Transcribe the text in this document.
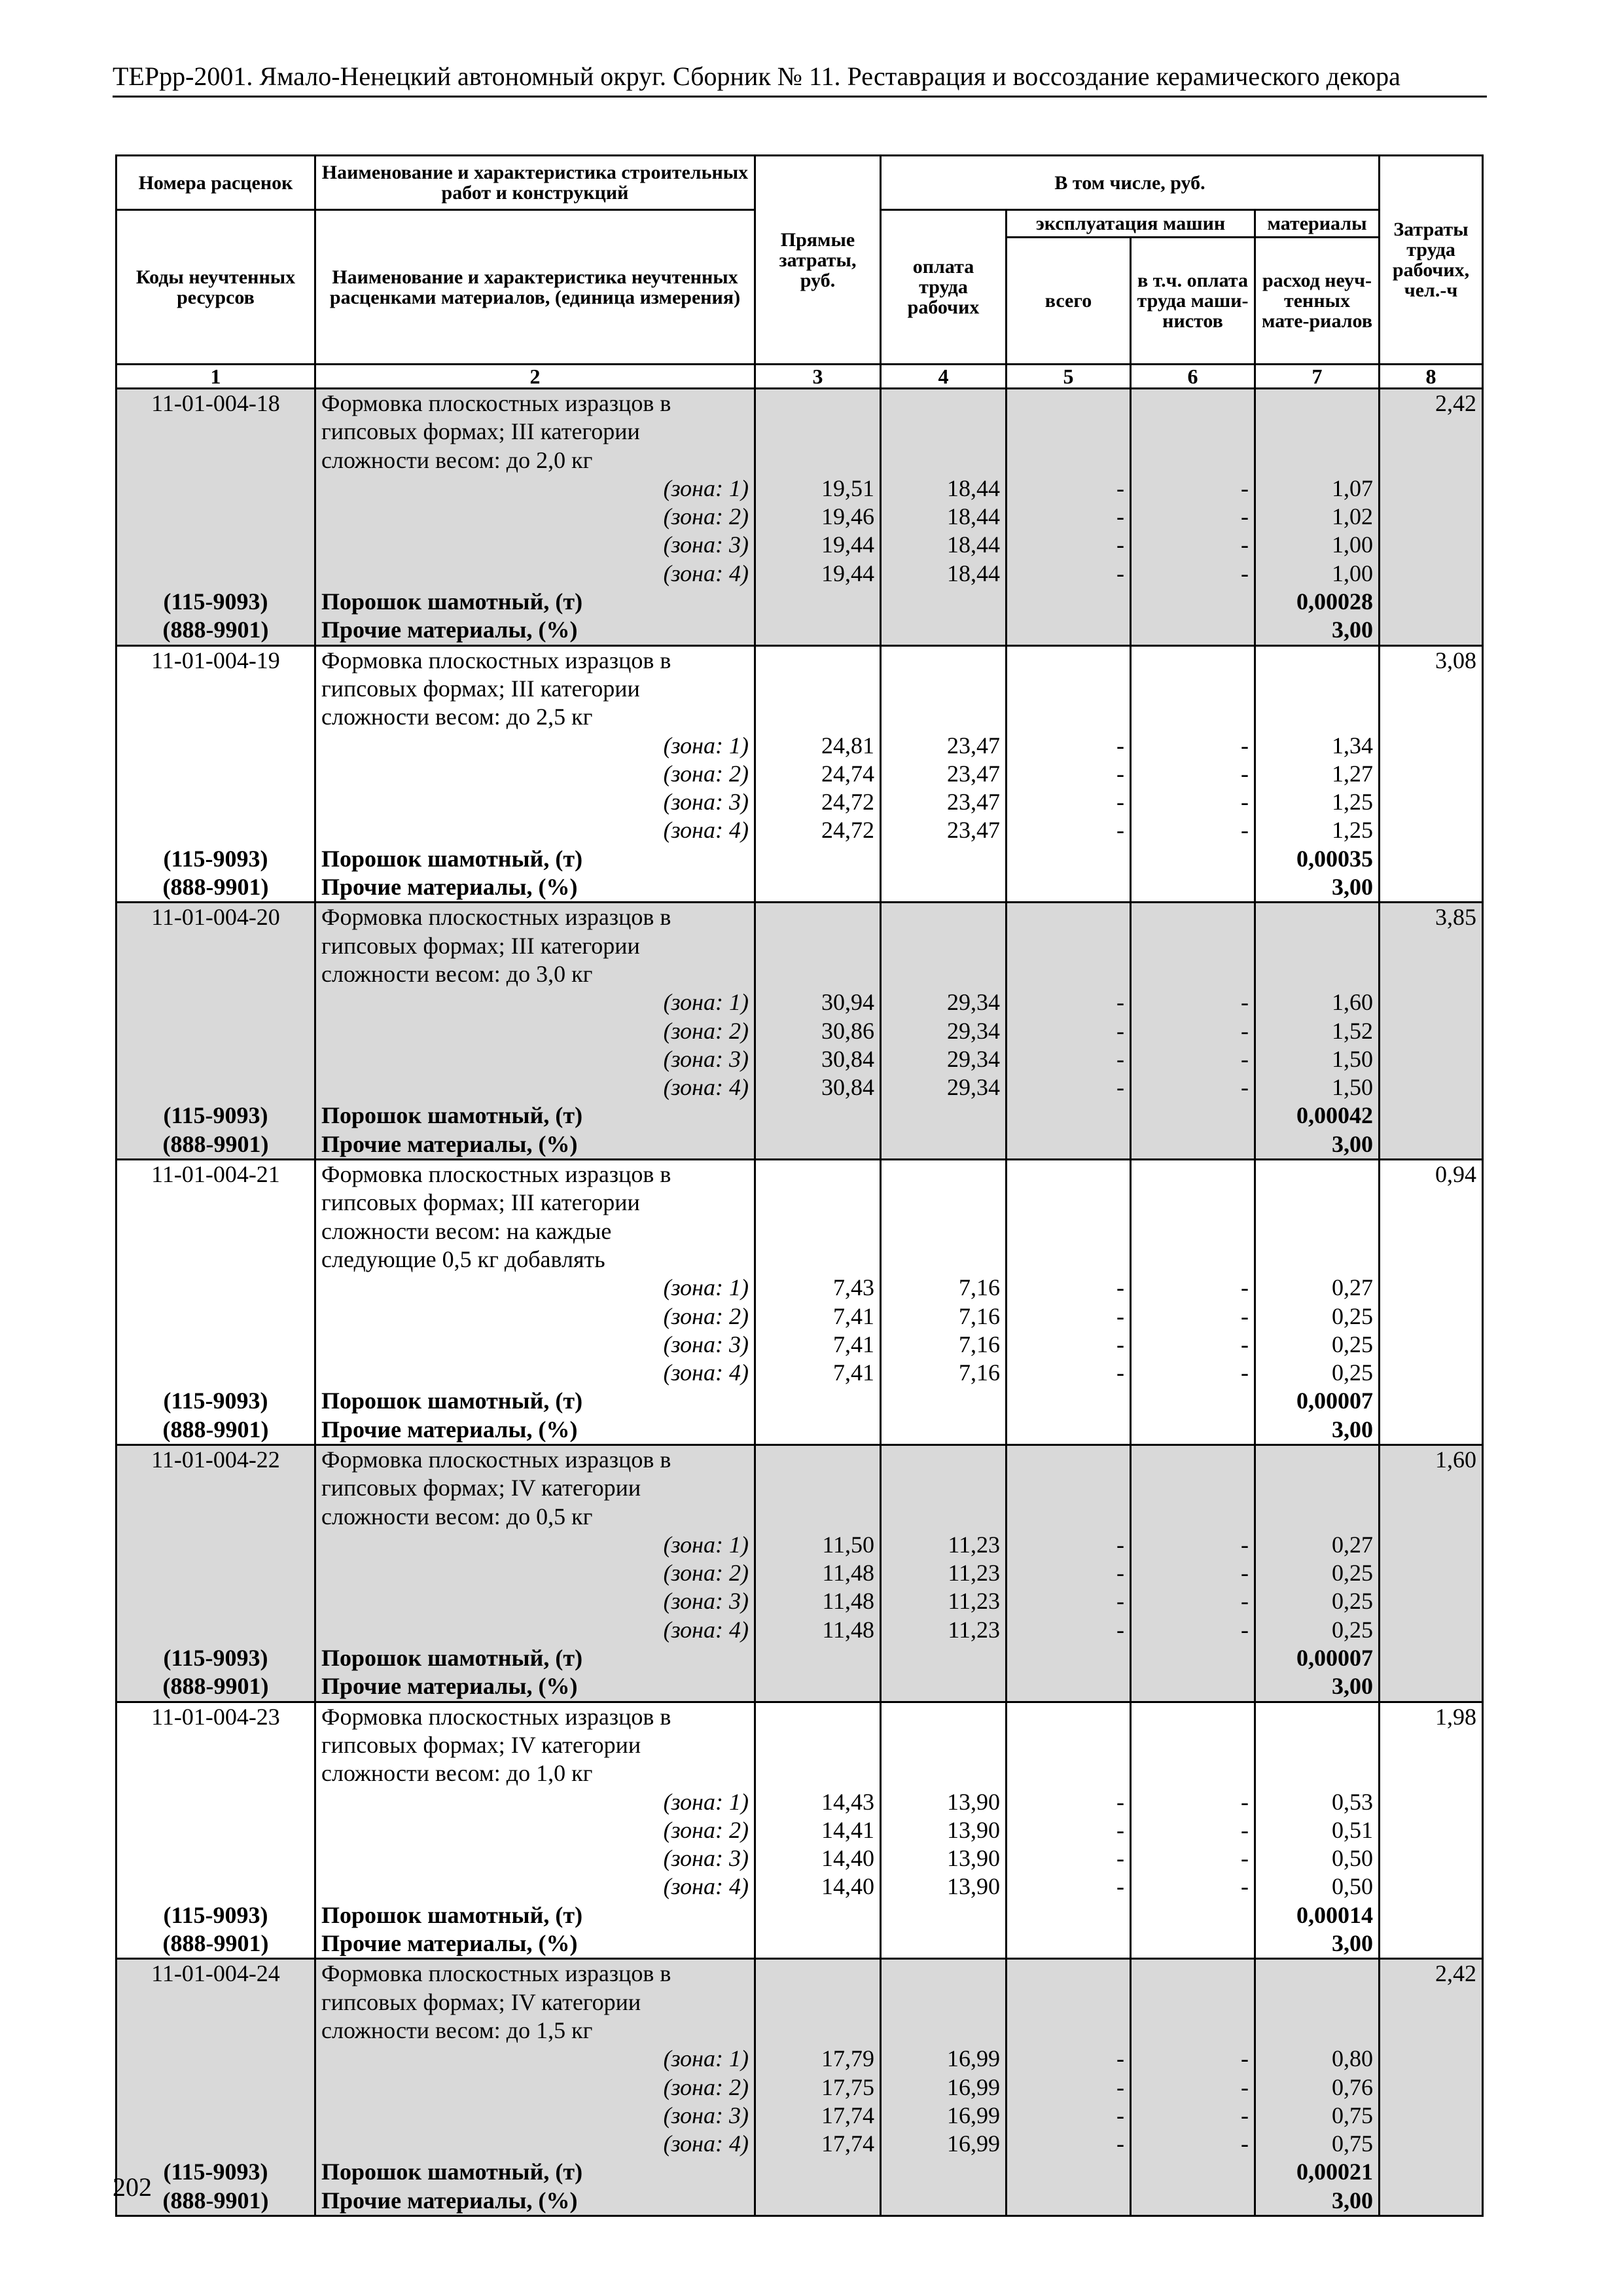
ТЕРрр-2001. Ямало-Ненецкий автономный округ. Сборник № 11. Реставрация и воссоздание керамического декора
Номера расценок	Наименование и характеристика строительных работ и конструкций	Прямые затраты, руб.	В том числе, руб.				Затраты труда рабочих, чел.-ч

Коды неучтенных ресурсов	Наименование и характеристика неучтенных расценками материалов, (единица измерения)		оплата труда рабочих	эксплуатация машин		материалы	
				всего	в т.ч. оплата труда маши-нистов	расход неуч-тенных мате-риалов	
1	2	3	4	5	6	7	8
11-01-004-18	Формовка плоскостных изразцов в						2,42
	гипсовых формах; III категории						
	сложности весом: до 2,0 кг						
	(зона: 1)	19,51	18,44	-	-	1,07	
	(зона: 2)	19,46	18,44	-	-	1,02	
	(зона: 3)	19,44	18,44	-	-	1,00	
	(зона: 4)	19,44	18,44	-	-	1,00	
(115-9093)	Порошок шамотный, (т)					0,00028	
(888-9901)	Прочие материалы, (%)					3,00	
11-01-004-19	Формовка плоскостных изразцов в						3,08
	гипсовых формах; III категории						
	сложности весом: до 2,5 кг						
	(зона: 1)	24,81	23,47	-	-	1,34	
	(зона: 2)	24,74	23,47	-	-	1,27	
	(зона: 3)	24,72	23,47	-	-	1,25	
	(зона: 4)	24,72	23,47	-	-	1,25	
(115-9093)	Порошок шамотный, (т)					0,00035	
(888-9901)	Прочие материалы, (%)					3,00	
11-01-004-20	Формовка плоскостных изразцов в						3,85
	гипсовых формах; III категории						
	сложности весом: до 3,0 кг						
	(зона: 1)	30,94	29,34	-	-	1,60	
	(зона: 2)	30,86	29,34	-	-	1,52	
	(зона: 3)	30,84	29,34	-	-	1,50	
	(зона: 4)	30,84	29,34	-	-	1,50	
(115-9093)	Порошок шамотный, (т)					0,00042	
(888-9901)	Прочие материалы, (%)					3,00	
11-01-004-21	Формовка плоскостных изразцов в						0,94
	гипсовых формах; III категории						
	сложности весом: на каждые						
	следующие 0,5 кг добавлять						
	(зона: 1)	7,43	7,16	-	-	0,27	
	(зона: 2)	7,41	7,16	-	-	0,25	
	(зона: 3)	7,41	7,16	-	-	0,25	
	(зона: 4)	7,41	7,16	-	-	0,25	
(115-9093)	Порошок шамотный, (т)					0,00007	
(888-9901)	Прочие материалы, (%)					3,00	
11-01-004-22	Формовка плоскостных изразцов в						1,60
	гипсовых формах; IV категории						
	сложности весом: до 0,5 кг						
	(зона: 1)	11,50	11,23	-	-	0,27	
	(зона: 2)	11,48	11,23	-	-	0,25	
	(зона: 3)	11,48	11,23	-	-	0,25	
	(зона: 4)	11,48	11,23	-	-	0,25	
(115-9093)	Порошок шамотный, (т)					0,00007	
(888-9901)	Прочие материалы, (%)					3,00	
11-01-004-23	Формовка плоскостных изразцов в						1,98
	гипсовых формах; IV категории						
	сложности весом: до 1,0 кг						
	(зона: 1)	14,43	13,90	-	-	0,53	
	(зона: 2)	14,41	13,90	-	-	0,51	
	(зона: 3)	14,40	13,90	-	-	0,50	
	(зона: 4)	14,40	13,90	-	-	0,50	
(115-9093)	Порошок шамотный, (т)					0,00014	
(888-9901)	Прочие материалы, (%)					3,00	
11-01-004-24	Формовка плоскостных изразцов в						2,42
	гипсовых формах; IV категории						
	сложности весом: до 1,5 кг						
	(зона: 1)	17,79	16,99	-	-	0,80	
	(зона: 2)	17,75	16,99	-	-	0,76	
	(зона: 3)	17,74	16,99	-	-	0,75	
	(зона: 4)	17,74	16,99	-	-	0,75	
(115-9093)	Порошок шамотный, (т)					0,00021	
(888-9901)	Прочие материалы, (%)					3,00	
202
